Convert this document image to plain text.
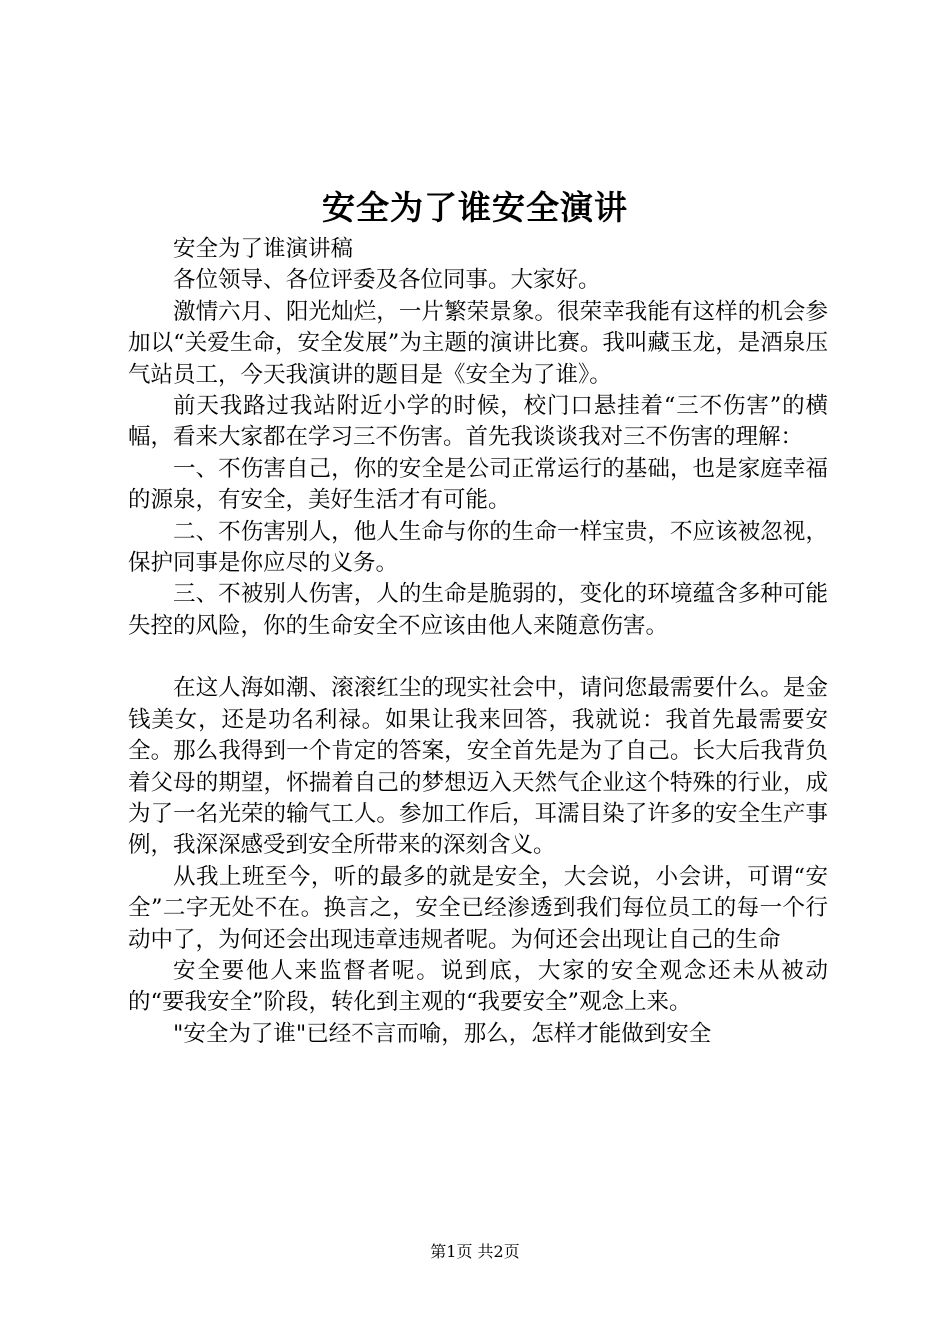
安全为了谁安全演讲

安全为了谁演讲稿

各位领导、各位评委及各位同事。大家好。

激情六月、阳光灿烂，一片繁荣景象。很荣幸我能有这样的机会参加以“关爱生命，安全发展”为主题的演讲比赛。我叫藏玉龙，是酒泉压气站员工，今天我演讲的题目是《安全为了谁》。

前天我路过我站附近小学的时候，校门口悬挂着“三不伤害”的横幅，看来大家都在学习三不伤害。首先我谈谈我对三不伤害的理解：

一、不伤害自己，你的安全是公司正常运行的基础，也是家庭幸福的源泉，有安全，美好生活才有可能。

二、不伤害别人，他人生命与你的生命一样宝贵，不应该被忽视，保护同事是你应尽的义务。

三、不被别人伤害，人的生命是脆弱的，变化的环境蕴含多种可能失控的风险，你的生命安全不应该由他人来随意伤害。

在这人海如潮、滚滚红尘的现实社会中，请问您最需要什么。是金钱美女，还是功名利禄。如果让我来回答，我就说：我首先最需要安全。那么我得到一个肯定的答案，安全首先是为了自己。长大后我背负着父母的期望，怀揣着自己的梦想迈入天然气企业这个特殊的行业，成为了一名光荣的输气工人。参加工作后，耳濡目染了许多的安全生产事例，我深深感受到安全所带来的深刻含义。

从我上班至今，听的最多的就是安全，大会说，小会讲，可谓“安全”二字无处不在。换言之，安全已经渗透到我们每位员工的每一个行动中了，为何还会出现违章违规者呢。为何还会出现让自己的生命

安全要他人来监督者呢。说到底，大家的安全观念还未从被动的“要我安全”阶段，转化到主观的“我要安全”观念上来。

"安全为了谁"已经不言而喻，那么，怎样才能做到安全

第1页 共2页
